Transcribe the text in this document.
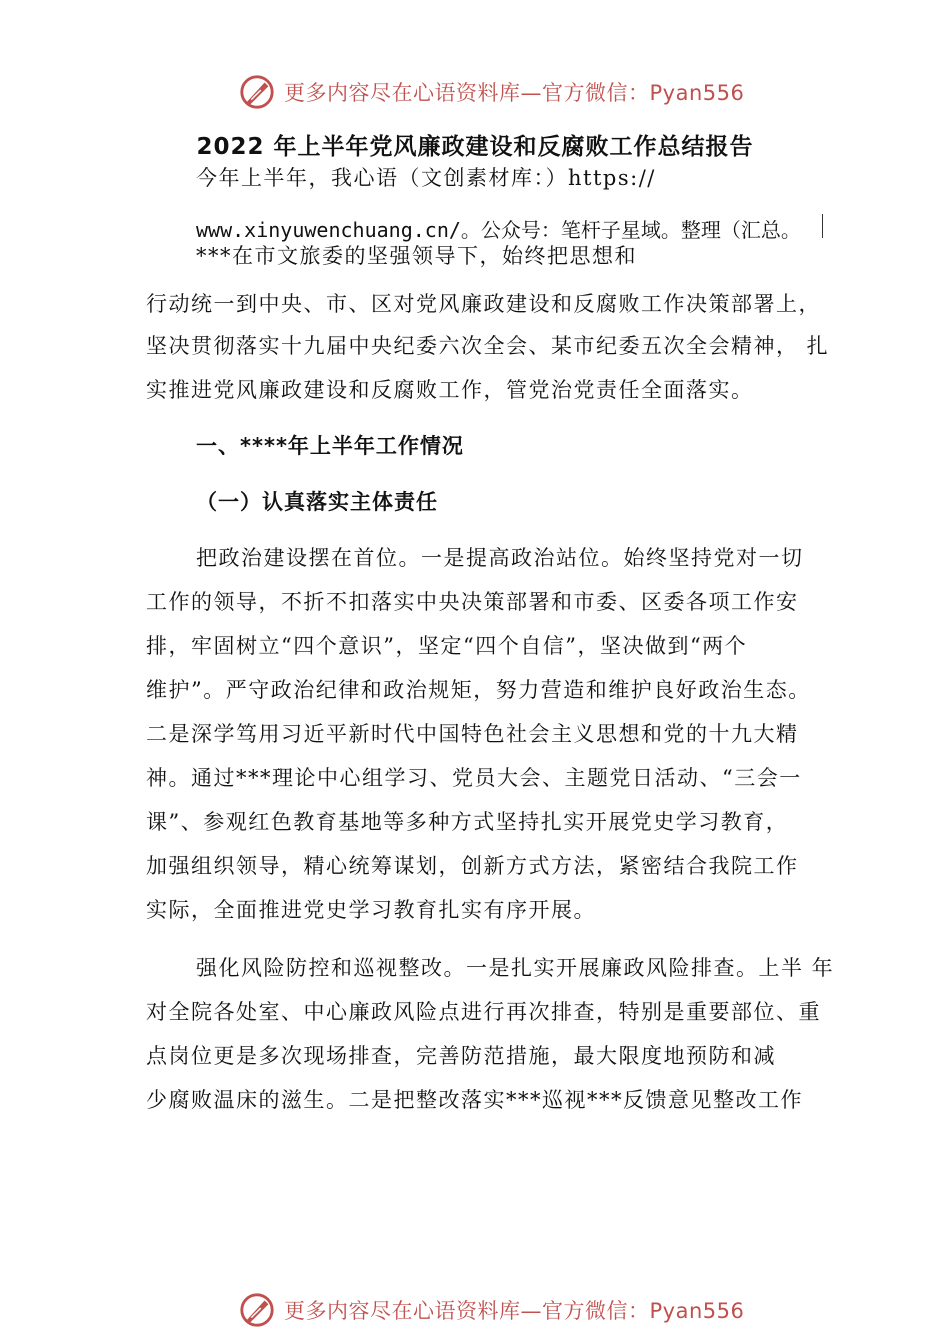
更多内容尽在心语资料库—官方微信：Pyan556
2022 年上半年党风廉政建设和反腐败工作总结报告
今年上半年，我心语（文创素材库：）https://
www.xinyuwenchuang.cn/。公众号：笔杆子星域。整理（汇总。
***在市文旅委的坚强领导下，始终把思想和
行动统一到中央、市、区对党风廉政建设和反腐败工作决策部署上，
坚决贯彻落实十九届中央纪委六次全会、某市纪委五次全会精神， 扎
实推进党风廉政建设和反腐败工作，管党治党责任全面落实。
一、****年上半年工作情况
（一）认真落实主体责任
把政治建设摆在首位。一是提高政治站位。始终坚持党对一切
工作的领导，不折不扣落实中央决策部署和市委、区委各项工作安
排，牢固树立“四个意识”，坚定“四个自信”，坚决做到“两个
维护”。严守政治纪律和政治规矩，努力营造和维护良好政治生态。
二是深学笃用习近平新时代中国特色社会主义思想和党的十九大精
神。通过***理论中心组学习、党员大会、主题党日活动、“三会一
课”、参观红色教育基地等多种方式坚持扎实开展党史学习教育，
加强组织领导，精心统筹谋划，创新方式方法，紧密结合我院工作
实际，全面推进党史学习教育扎实有序开展。
强化风险防控和巡视整改。一是扎实开展廉政风险排查。上半 年
对全院各处室、中心廉政风险点进行再次排查，特别是重要部位、重
点岗位更是多次现场排查，完善防范措施，最大限度地预防和减
少腐败温床的滋生。二是把整改落实***巡视***反馈意见整改工作
更多内容尽在心语资料库—官方微信：Pyan556
